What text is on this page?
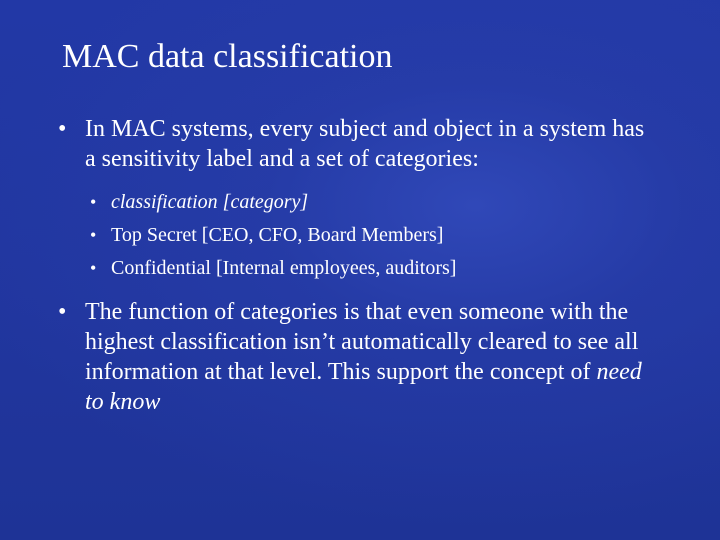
MAC data classification
• In MAC systems, every subject and object in a system has a sensitivity label and a set of categories:
• classification [category]
• Top Secret [CEO, CFO, Board Members]
• Confidential [Internal employees, auditors]
• The function of categories is that even someone with the highest classification isn’t automatically cleared to see all information at that level. This support the concept of need to know
